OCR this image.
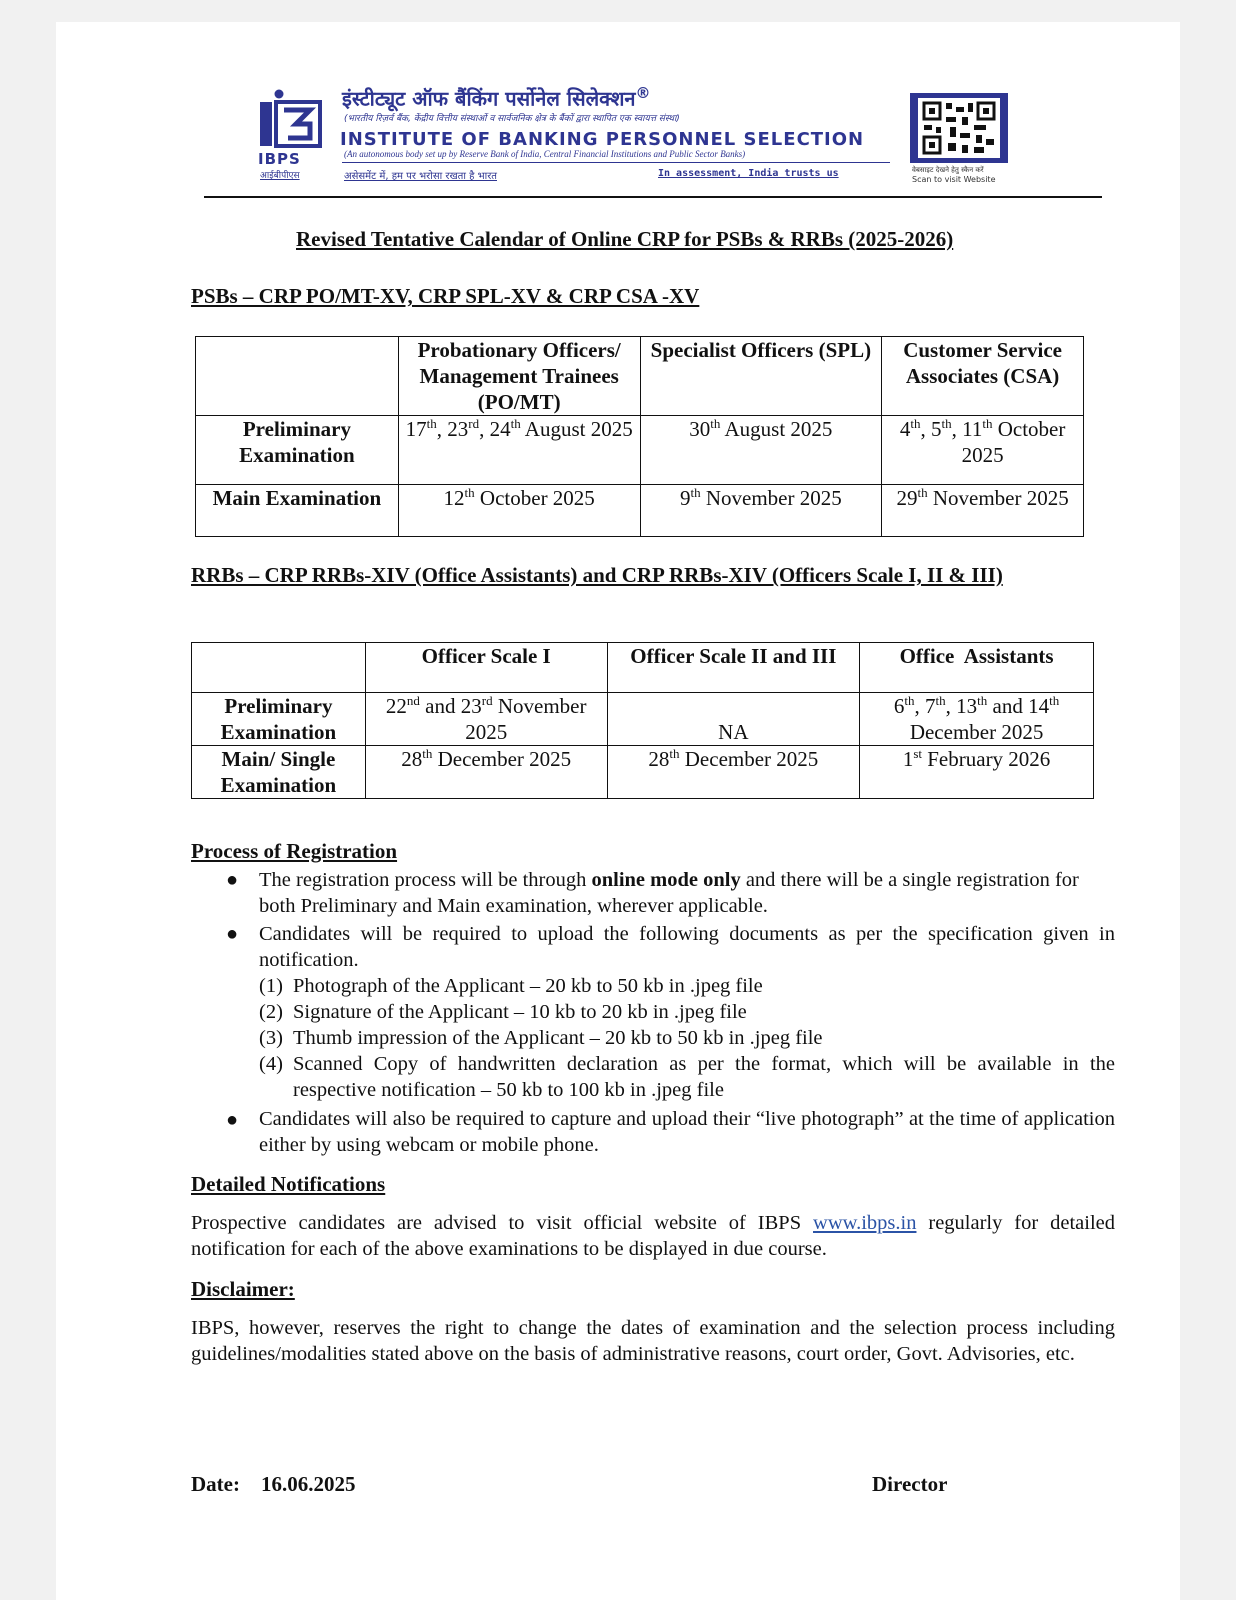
IBPS
आईबीपीएस
इंस्टीट्यूट ऑफ बैंकिंग पर्सोनेल सिलेक्शन®
(भारतीय रिज़र्व बैंक, केंद्रीय वित्तीय संस्थाओं व सार्वजनिक क्षेत्र के बैंकों द्वारा स्थापित एक स्वायत्त संस्था)
INSTITUTE OF BANKING PERSONNEL SELECTION
(An autonomous body set up by Reserve Bank of India, Central Financial Institutions and Public Sector Banks)
असेसमेंट में, हम पर भरोसा रखता है भारत	In assessment, India trusts us	वेबसाइट देखने हेतु स्कैन करें
Scan to visit Website
Revised Tentative Calendar of Online CRP for PSBs & RRBs (2025-2026)
PSBs – CRP PO/MT-XV, CRP SPL-XV & CRP CSA -XV
	Probationary Officers/ Management Trainees (PO/MT)	Specialist Officers (SPL)	Customer Service Associates (CSA)
Preliminary Examination	17th, 23rd, 24th August 2025	30th August 2025	4th, 5th, 11th October 2025
Main Examination	12th October 2025	9th November 2025	29th November 2025
RRBs – CRP RRBs-XIV (Office Assistants) and CRP RRBs-XIV (Officers Scale I, II & III)
	Officer Scale I	Officer Scale II and III	Office  Assistants
Preliminary Examination	22nd and 23rd November 2025	NA	6th, 7th, 13th and 14th December 2025
Main/ Single Examination	28th December 2025	28th December 2025	1st February 2026
Process of Registration
● The registration process will be through online mode only and there will be a single registration for both Preliminary and Main examination, wherever applicable.
● Candidates will be required to upload the following documents as per the specification given in notification.
(1) Photograph of the Applicant – 20 kb to 50 kb in .jpeg file
(2) Signature of the Applicant – 10 kb to 20 kb in .jpeg file
(3) Thumb impression of the Applicant – 20 kb to 50 kb in .jpeg file
(4) Scanned Copy of handwritten declaration as per the format, which will be available in the respective notification – 50 kb to 100 kb in .jpeg file
● Candidates will also be required to capture and upload their “live photograph” at the time of application either by using webcam or mobile phone.
Detailed Notifications
Prospective candidates are advised to visit official website of IBPS www.ibps.in regularly for detailed notification for each of the above examinations to be displayed in due course.
Disclaimer:
IBPS, however, reserves the right to change the dates of examination and the selection process including guidelines/modalities stated above on the basis of administrative reasons, court order, Govt. Advisories, etc.
Date: 16.06.2025	Director
